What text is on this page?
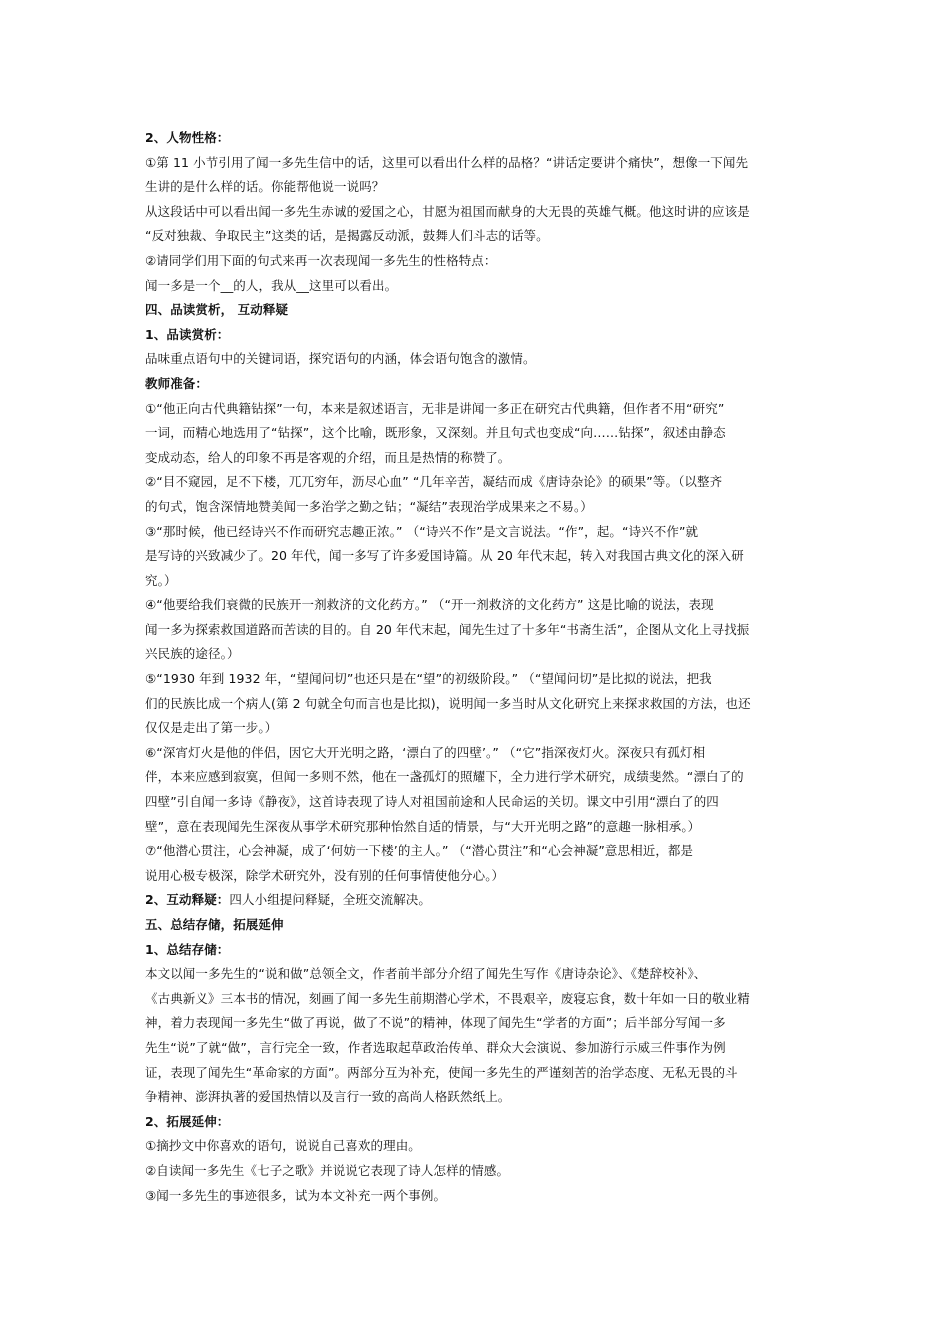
2、人物性格：
①第 11 小节引用了闻一多先生信中的话，这里可以看出什么样的品格？“讲话定要讲个痛快”，想像一下闻先
生讲的是什么样的话。你能帮他说一说吗？
从这段话中可以看出闻一多先生赤诚的爱国之心，甘愿为祖国而献身的大无畏的英雄气概。他这时讲的应该是
“反对独裁、争取民主”这类的话，是揭露反动派，鼓舞人们斗志的话等。
②请同学们用下面的句式来再一次表现闻一多先生的性格特点：
闻一多是一个__的人，我从__这里可以看出。
四、品读赏析， 互动释疑
1、品读赏析：
品味重点语句中的关键词语，探究语句的内涵，体会语句饱含的激情。
教师准备：
①“他正向古代典籍钻探”一句，本来是叙述语言，无非是讲闻一多正在研究古代典籍，但作者不用“研究”
一词，而精心地选用了“钻探”，这个比喻，既形象，又深刻。并且句式也变成“向……钻探”，叙述由静态
变成动态，给人的印象不再是客观的介绍，而且是热情的称赞了。
②“目不窥园，足不下楼，兀兀穷年，沥尽心血” “几年辛苦，凝结而成《唐诗杂论》的硕果”等。（以整齐
的句式，饱含深情地赞美闻一多治学之勤之钻；“凝结”表现治学成果来之不易。）
③“那时候，他已经诗兴不作而研究志趣正浓。” （“诗兴不作”是文言说法。“作”，起。“诗兴不作”就
是写诗的兴致减少了。20 年代，闻一多写了许多爱国诗篇。从 20 年代末起，转入对我国古典文化的深入研
究。）
④“他要给我们衰微的民族开一剂救济的文化药方。” （“开一剂救济的文化药方” 这是比喻的说法，表现
闻一多为探索救国道路而苦读的目的。自 20 年代末起，闻先生过了十多年“书斋生活”，企图从文化上寻找振
兴民族的途径。）
⑤“1930 年到 1932 年，“望闻问切”也还只是在“望”的初级阶段。” （“望闻问切”是比拟的说法，把我
们的民族比成一个病人(第 2 句就全句而言也是比拟)，说明闻一多当时从文化研究上来探求救国的方法，也还
仅仅是走出了第一步。）
⑥“深宵灯火是他的伴侣，因它大开光明之路，‘漂白了的四壁’。” （“它”指深夜灯火。深夜只有孤灯相
伴，本来应感到寂寞，但闻一多则不然，他在一盏孤灯的照耀下，全力进行学术研究，成绩斐然。“漂白了的
四壁”引自闻一多诗《静夜》，这首诗表现了诗人对祖国前途和人民命运的关切。课文中引用“漂白了的四
壁”，意在表现闻先生深夜从事学术研究那种怡然自适的情景，与“大开光明之路”的意趣一脉相承。）
⑦“他潜心贯注，心会神凝，成了‘何妨一下楼’的主人。” （“潜心贯注”和“心会神凝”意思相近，都是
说用心极专极深，除学术研究外，没有别的任何事情使他分心。）
2、互动释疑：四人小组提问释疑，全班交流解决。
五、总结存储，拓展延伸
1、总结存储：
本文以闻一多先生的“说和做”总领全文，作者前半部分介绍了闻先生写作《唐诗杂论》、《楚辞校补》、
《古典新义》三本书的情况，刻画了闻一多先生前期潜心学术，不畏艰辛，废寝忘食，数十年如一日的敬业精
神，着力表现闻一多先生“做了再说，做了不说”的精神，体现了闻先生“学者的方面”；后半部分写闻一多
先生“说”了就“做”，言行完全一致，作者选取起草政治传单、群众大会演说、参加游行示威三件事作为例
证，表现了闻先生“革命家的方面”。两部分互为补充，使闻一多先生的严谨刻苦的治学态度、无私无畏的斗
争精神、澎湃执著的爱国热情以及言行一致的高尚人格跃然纸上。
2、拓展延伸：
①摘抄文中你喜欢的语句，说说自己喜欢的理由。
②自读闻一多先生《七子之歌》并说说它表现了诗人怎样的情感。
③闻一多先生的事迹很多，试为本文补充一两个事例。
